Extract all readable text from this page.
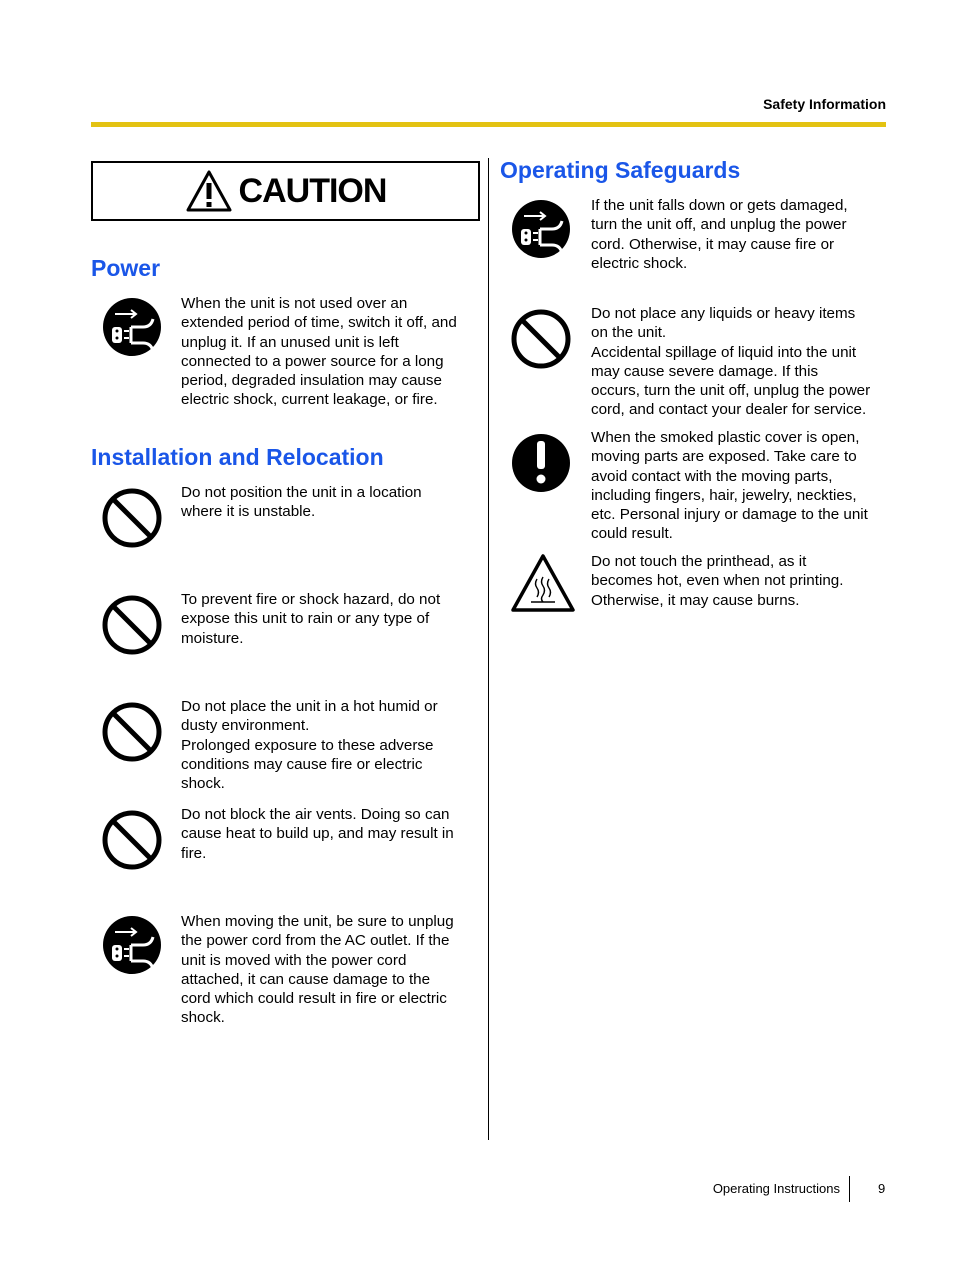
Safety Information
CAUTION
Power
When the unit is not used over an
extended period of time, switch it off, and
unplug it. If an unused unit is left
connected to a power source for a long
period, degraded insulation may cause
electric shock, current leakage, or fire.
Installation and Relocation
Do not position the unit in a location
where it is unstable.
To prevent fire or shock hazard, do not
expose this unit to rain or any type of
moisture.
Do not place the unit in a hot humid or
dusty environment.
Prolonged exposure to these adverse
conditions may cause fire or electric
shock.
Do not block the air vents. Doing so can
cause heat to build up, and may result in
fire.
When moving the unit, be sure to unplug
the power cord from the AC outlet. If the
unit is moved with the power cord
attached, it can cause damage to the
cord which could result in fire or electric
shock.
Operating Safeguards
If the unit falls down or gets damaged,
turn the unit off, and unplug the power
cord. Otherwise, it may cause fire or
electric shock.
Do not place any liquids or heavy items
on the unit.
Accidental spillage of liquid into the unit
may cause severe damage. If this
occurs, turn the unit off, unplug the power
cord, and contact your dealer for service.
When the smoked plastic cover is open,
moving parts are exposed. Take care to
avoid contact with the moving parts,
including fingers, hair, jewelry, neckties,
etc. Personal injury or damage to the unit
could result.
Do not touch the printhead, as it
becomes hot, even when not printing.
Otherwise, it may cause burns.
Operating Instructions	9
